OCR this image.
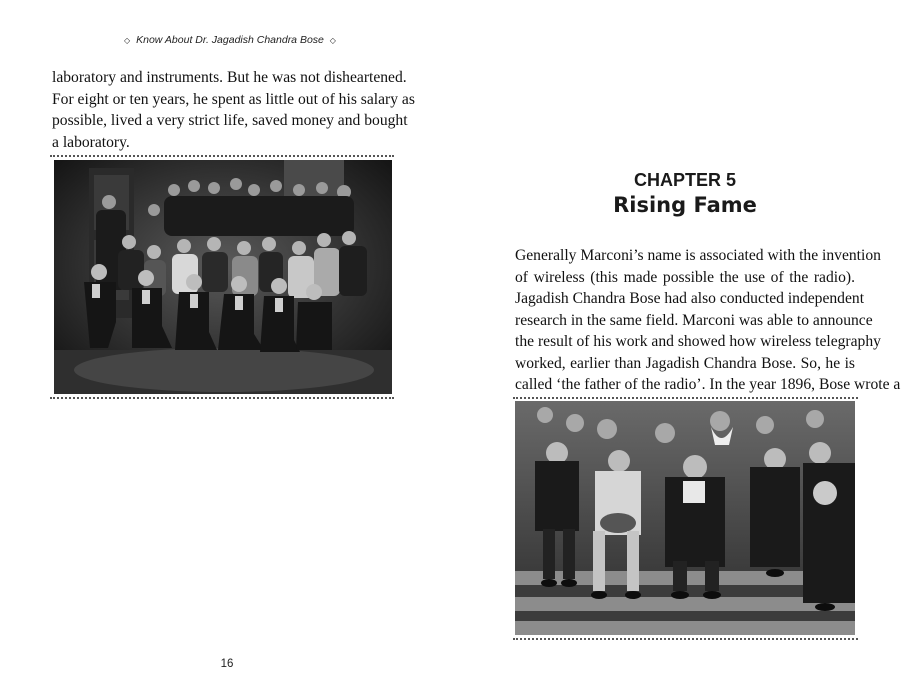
◇ Know About Dr. Jagadish Chandra Bose ◇

laboratory and instruments. But he was not disheartened.
For eight or ten years, he spent as little out of his salary as
possible, lived a very strict life, saved money and bought
a laboratory.

16
CHAPTER 5
Rising Fame

Generally Marconi’s name is associated with the invention
of wireless (this made possible the use of the radio).
Jagadish Chandra Bose had also conducted independent
research in the same field. Marconi was able to announce
the result of his work and showed how wireless telegraphy
worked, earlier than Jagadish Chandra Bose. So, he is
called ‘the father of the radio’. In the year 1896, Bose wrote a
